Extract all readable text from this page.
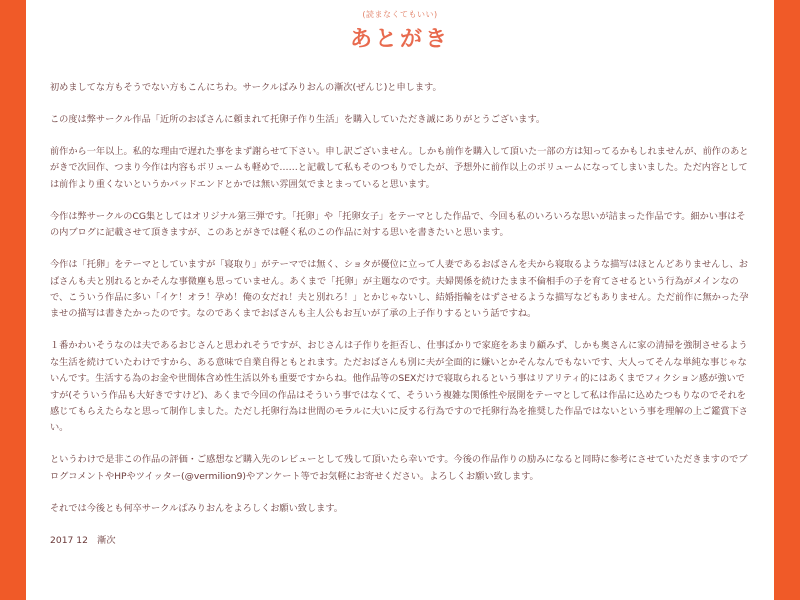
(読まなくてもいい)
あとがき

初めましてな方もそうでない方もこんにちわ。サークルぱみりおんの漸次(ぜんじ)と申します。

この度は弊サークル作品「近所のおばさんに頼まれて托卵子作り生活」を購入していただき誠にありがとうございます。

前作から一年以上。私的な理由で遅れた事をまず謝らせて下さい。申し訳ございません。しかも前作を購入して頂いた一部の方は知ってるかもしれませんが、前作のあとがきで次回作、つまり今作は内容もボリュームも軽めで……と記載して私もそのつもりでしたが、予想外に前作以上のボリュームになってしまいました。ただ内容としては前作より重くないというかバッドエンドとかでは無い雰囲気でまとまっていると思います。

今作は弊サークルのCG集としてはオリジナル第三弾です。「托卵」や「托卵女子」をテーマとした作品で、今回も私のいろいろな思いが詰まった作品です。細かい事はその内ブログに記載させて頂きますが、このあとがきでは軽く私のこの作品に対する思いを書きたいと思います。

今作は「托卵」をテーマとしていますが「寝取り」がテーマでは無く、ショタが優位に立って人妻であるおばさんを夫から寝取るような描写はほとんどありませんし、おばさんも夫と別れるとかそんな事微塵も思っていません。あくまで「托卵」が主題なのです。夫婦関係を続けたまま不倫相手の子を育てさせるという行為がメインなので、こういう作品に多い「イケ！オラ！孕め！俺の女だれ！夫と別れろ！」とかじゃないし、結婚指輪をはずさせるような描写などもありません。ただ前作に無かった孕ませの描写は書きたかったのです。なのであくまでおばさんも主人公もお互いが了承の上子作りするという話ですね。

１番かわいそうなのは夫であるおじさんと思われそうですが、おじさんは子作りを拒否し、仕事ばかりで家庭をあまり顧みず、しかも奥さんに家の清掃を強制させるような生活を続けていたわけですから、ある意味で自業自得ともとれます。ただおばさんも別に夫が全面的に嫌いとかそんなんでもないです、大人ってそんな単純な事じゃないんです。生活する為のお金や世間体含め性生活以外も重要ですからね。他作品等のSEXだけで寝取られるという事はリアリティ的にはあくまでフィクション感が強いですが(そういう作品も大好きですけど)、あくまで今回の作品はそういう事ではなくて、そういう複雑な関係性や展開をテーマとして私は作品に込めたつもりなのでそれを感じてもらえたらなと思って制作しました。ただし托卵行為は世間のモラルに大いに反する行為ですので托卵行為を推奨した作品ではないという事を理解の上ご鑑賞下さい。

というわけで是非この作品の評価・ご感想など購入先のレビューとして残して頂いたら幸いです。今後の作品作りの励みになると同時に参考にさせていただきますのでブログコメントやHPやツイッター(@vermilion9)やアンケート等でお気軽にお寄せください。よろしくお願い致します。

それでは今後とも何卒サークルぱみりおんをよろしくお願い致します。

2017 12　漸次
